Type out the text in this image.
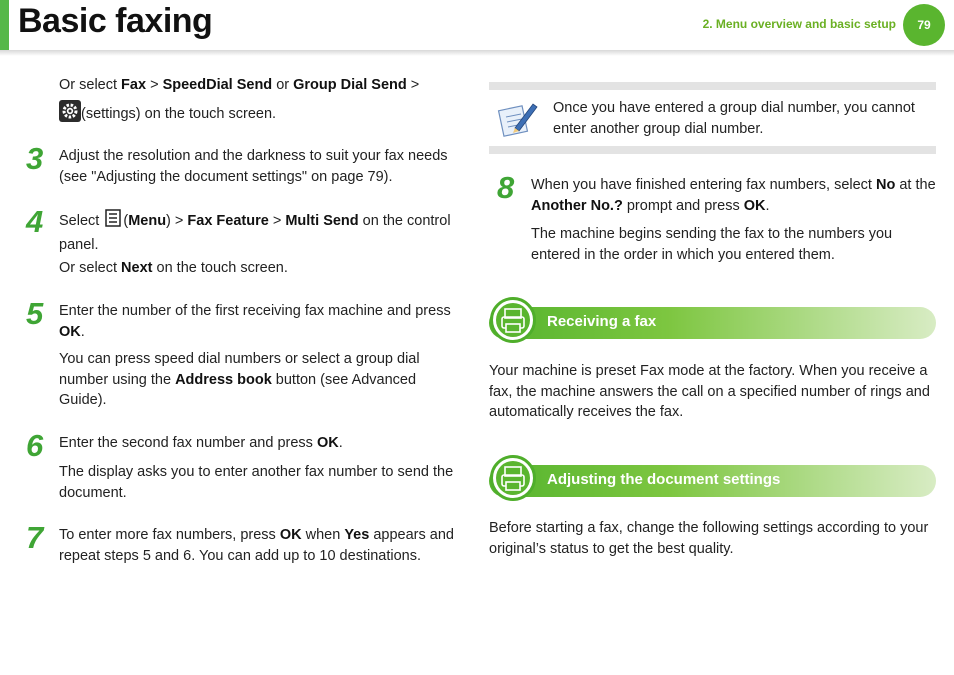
Basic faxing	2. Menu overview and basic setup	79
Or select Fax > SpeedDial Send or Group Dial Send >
(settings) on the touch screen.
3 Adjust the resolution and the darkness to suit your fax needs (see "Adjusting the document settings" on page 79).
4 Select (Menu) > Fax Feature > Multi Send on the control panel.
Or select Next on the touch screen.
5 Enter the number of the first receiving fax machine and press OK.
You can press speed dial numbers or select a group dial number using the Address book button (see Advanced Guide).
6 Enter the second fax number and press OK.
The display asks you to enter another fax number to send the document.
7 To enter more fax numbers, press OK when Yes appears and repeat steps 5 and 6. You can add up to 10 destinations.
Once you have entered a group dial number, you cannot enter another group dial number.
8 When you have finished entering fax numbers, select No at the Another No.? prompt and press OK.
The machine begins sending the fax to the numbers you entered in the order in which you entered them.
Receiving a fax
Your machine is preset Fax mode at the factory. When you receive a fax, the machine answers the call on a specified number of rings and automatically receives the fax.
Adjusting the document settings
Before starting a fax, change the following settings according to your original’s status to get the best quality.
